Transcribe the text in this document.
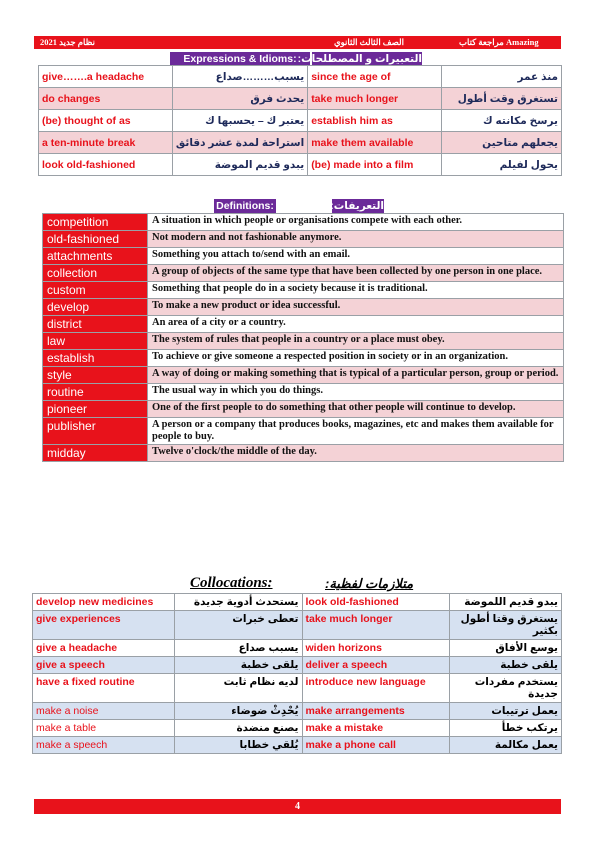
2021 نظام جديد	الصف الثالث الثانوي	مراجعة كتاب Amazing
Expressions & Idioms: التعبيرات و المصطلحات:
give…….a headache	يسبب………صداع	since the age of	منذ عمر
do changes	يحدث فرق	take much longer	تستغرق وقت أطول
(be) thought of as	يعتبر ك – يحسبها ك	establish him as	يرسخ مكانته ك
a ten-minute break	استراحة لمدة عشر دقائق	make them available	يجعلهم متاحين
look old-fashioned	يبدو قديم الموضة	(be) made into a film	يحول لفيلم
Definitions:	التعريفات:
competition	A situation in which people or organisations compete with each other.
old-fashioned	Not modern and not fashionable anymore.
attachments	Something you attach to/send with an email.
collection	A group of objects of the same type that have been collected by one person in one place.
custom	Something that people do in a society because it is traditional.
develop	To make a new product or idea successful.
district	An area of a city or a country.
law	The system of rules that people in a country or a place must obey.
establish	To achieve or give someone a respected position in society or in an organization.
style	A way of doing or making something that is typical of a particular person, group or period.
routine	The usual way in which you do things.
pioneer	One of the first people to do something that other people will continue to develop.
publisher	A person or a company that produces books, magazines, etc and makes them available for people to buy.
midday	Twelve o'clock/the middle of the day.
Collocations:	متلازمات لفظية:
develop new medicines	يستحدث أدوية جديدة	look old-fashioned	يبدو قديم اللموضة
give experiences	تعطى خبرات	take much longer	يستغرق وقتا أطول بكثير
give a headache	يسبب صداع	widen horizons	يوسع الأفاق
give a speech	يلقى خطبة	deliver a speech	يلقى خطبة
have a fixed routine	لديه نظام ثابت	introduce new language	يستخدم مفردات جديدة
make a noise	يُحْدِثْ ضوضاء	make arrangements	يعمل ترتيبات
make a table	يصنع منضدة	make a mistake	يرتكب خطأ
make a speech	يُلقي خطابا	make a phone call	يعمل مكالمة
4
